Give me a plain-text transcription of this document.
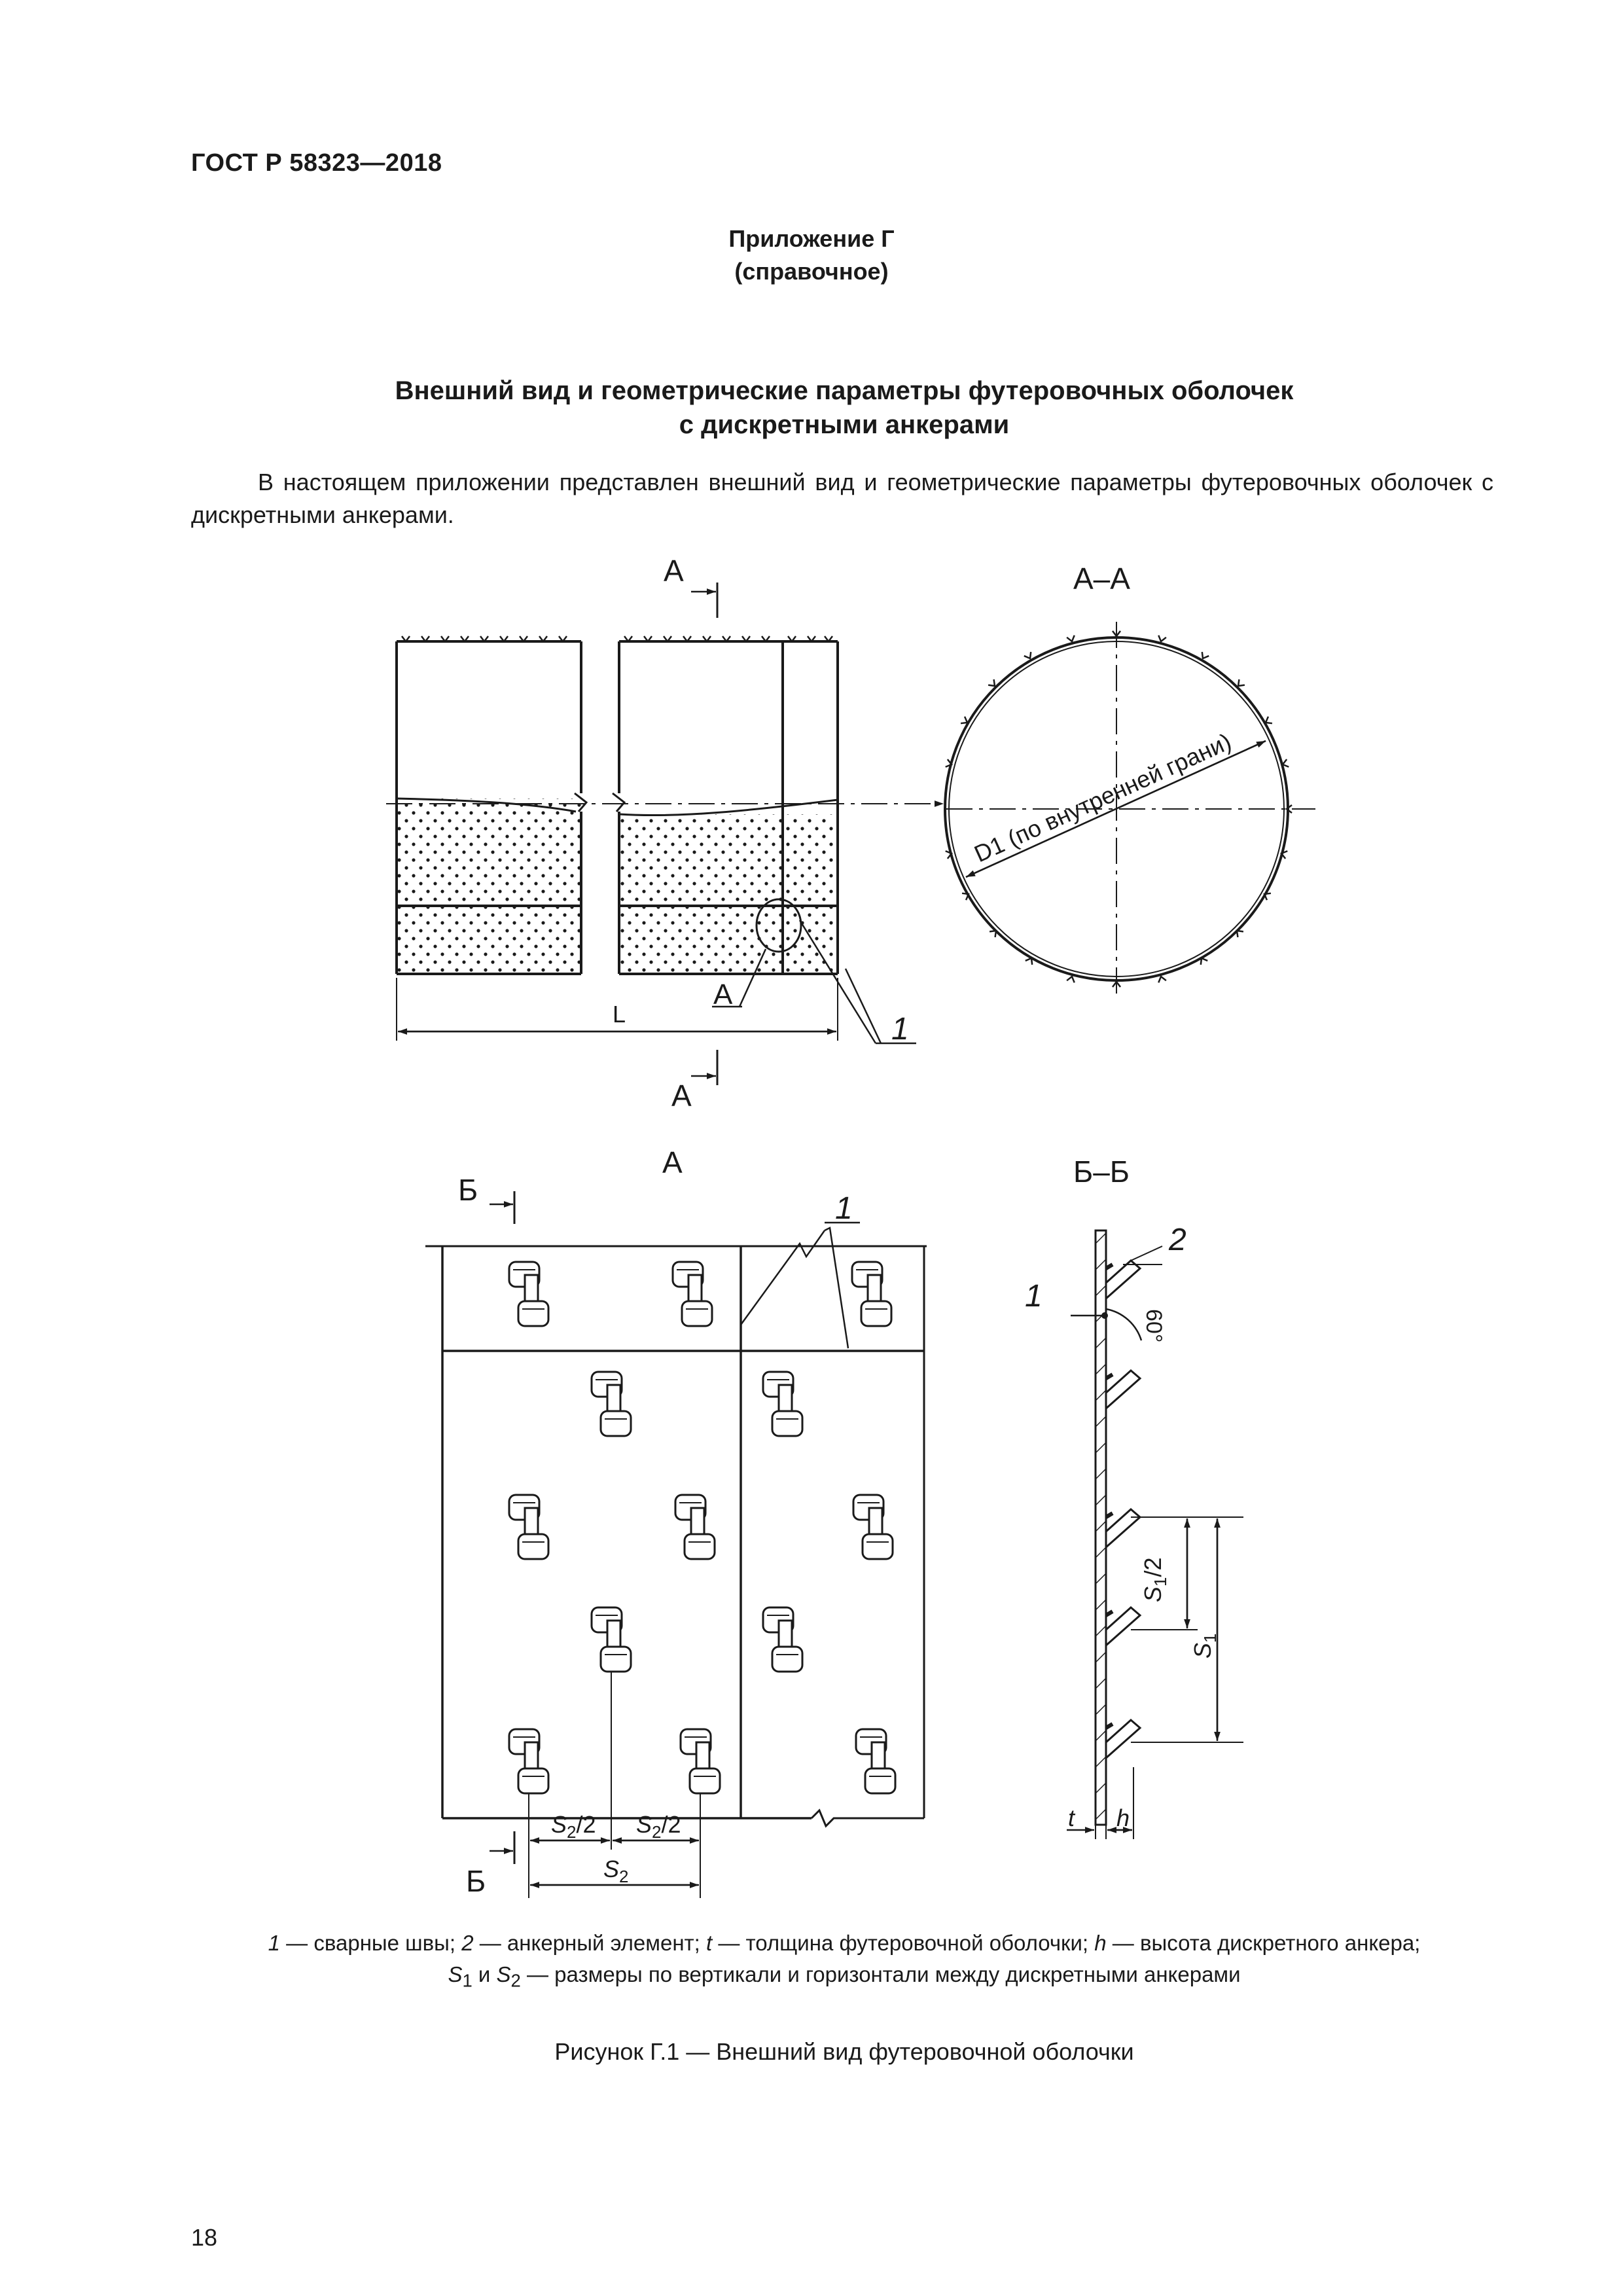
ГОСТ Р 58323—2018
Приложение Г
(справочное)
Внешний вид и геометрические параметры футеровочных оболочек
с дискретными анкерами
В настоящем приложении представлен внешний вид и геометрические параметры футеровочных оболочек с дискретными анкерами.
А
А
А
L	1
А–А
D1 (по внутренней грани)
А
Б
Б
1
$S_2/2$ $S_2/2$
$S_2$
Б–Б
2
1
60°
$S_1/2$
$S_1$
t h
1 — сварные швы; 2 — анкерный элемент; t — толщина футеровочной оболочки; h — высота дискретного анкера;
$S_1$ и $S_2$ — размеры по вертикали и горизонтали между дискретными анкерами
Рисунок Г.1 — Внешний вид футеровочной оболочки
18
